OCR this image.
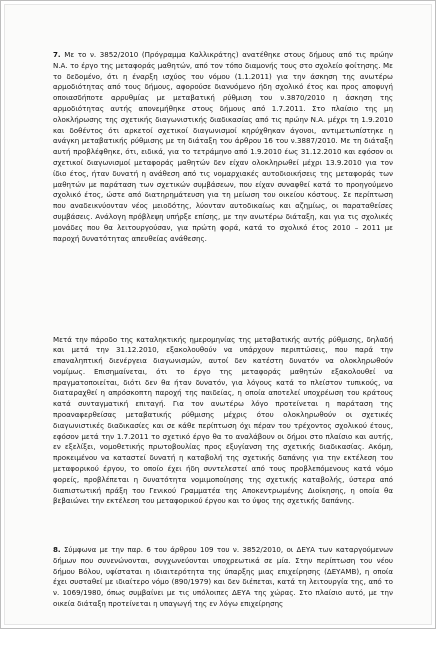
7. Με το ν. 3852/2010 (Πρόγραμμα Καλλικράτης) ανατέθηκε στους δήμους από τις πρώην Ν.Α. το έργο της μεταφοράς μαθητών, από τον τόπο διαμονής τους στο σχολείο φοίτησης. Με το δεδομένο, ότι η έναρξη ισχύος του νόμου (1.1.2011) για την άσκηση της ανωτέρω αρμοδιότητας από τους δήμους, αφορούσε διανυόμενο ήδη σχολικό έτος και προς αποφυγή οποιασδήποτε αρρυθμίας με μεταβατική ρύθμιση του ν.3870/2010 η άσκηση της αρμοδιότητας αυτής απονεμήθηκε στους δήμους από 1.7.2011. Στο πλαίσιο της μη ολοκλήρωσης της σχετικής διαγωνιστικής διαδικασίας από τις πρώην Ν.Α. μέχρι τη 1.9.2010 και δοθέντος ότι αρκετοί σχετικοί διαγωνισμοί κηρύχθηκαν άγονοι, αντιμετωπίστηκε η ανάγκη μεταβατικής ρύθμισης με τη διάταξη του άρθρου 16 του ν.3887/2010. Με τη διάταξη αυτή προβλέφθηκε, ότι, ειδικά, για το τετράμηνο από 1.9.2010 έως 31.12.2010 και εφόσον οι σχετικοί διαγωνισμοί μεταφοράς μαθητών δεν είχαν ολοκληρωθεί μέχρι 13.9.2010 για τον ίδιο έτος, ήταν δυνατή η ανάθεση από τις νομαρχιακές αυτοδιοικήσεις της μεταφοράς των μαθητών με παράταση των σχετικών συμβάσεων, που είχαν συναφθεί κατά το προηγούμενο σχολικό έτος, ώστε από διατηρημάτευση για τη μείωση του οικείου κόστους. Σε περίπτωση που αναδεικνύονταν νέος μειοδότης, λύονταν αυτοδικαίως και αζημίως, οι παραταθείσες συμβάσεις. Ανάλογη πρόβλεψη υπήρξε επίσης, με την ανωτέρω διάταξη, και για τις σχολικές μονάδες που θα λειτουργούσαν, για πρώτη φορά, κατά το σχολικό έτος 2010 – 2011 με παροχή δυνατότητας απευθείας ανάθεσης.

Μετά την πάροδο της καταληκτικής ημερομηνίας της μεταβατικής αυτής ρύθμισης, δηλαδή και μετά την 31.12.2010, εξακολουθούν να υπάρχουν περιπτώσεις, που παρά την επαναληπτική διενέργεια διαγωνισμών, αυτοί δεν κατέστη δυνατόν να ολοκληρωθούν νομίμως. Επισημαίνεται, ότι το έργο της μεταφοράς μαθητών εξακολουθεί να πραγματοποιείται, διότι δεν θα ήταν δυνατόν, για λόγους κατά το πλείστον τυπικούς, να διαταραχθεί η απρόσκοπτη παροχή της παιδείας, η οποία αποτελεί υποχρέωση του κράτους κατά συνταγματική επιταγή. Για τον ανωτέρω λόγο προτείνεται η παράταση της προαναφερθείσας μεταβατικής ρύθμισης μέχρις ότου ολοκληρωθούν οι σχετικές διαγωνιστικές διαδικασίες και σε κάθε περίπτωση όχι πέραν του τρέχοντος σχολικού έτους, εφόσον μετά την 1.7.2011 το σχετικό έργο θα το αναλάβουν οι δήμοι στο πλαίσιο και αυτής, εν εξελίξει, νομοθετικής πρωτοβουλίας προς εξυγίανση της σχετικής διαδικασίας. Ακόμη, προκειμένου να καταστεί δυνατή η καταβολή της σχετικής δαπάνης για την εκτέλεση του μεταφορικού έργου, το οποίο έχει ήδη συντελεστεί από τους προβλεπόμενους κατά νόμο φορείς, προβλέπεται η δυνατότητα νομιμοποίησης της σχετικής καταβολής, ύστερα από διαπιστωτική πράξη του Γενικού Γραμματέα της Αποκεντρωμένης Διοίκησης, η οποία θα βεβαιώνει την εκτέλεση του μεταφορικού έργου και το ύψος της σχετικής δαπάνης.

8. Σύμφωνα με την παρ. 6 του άρθρου 109 του ν. 3852/2010, οι ΔΕΥΑ των καταργούμενων δήμων που συνενώνονται, συγχωνεύονται υποχρεωτικά σε μία. Στην περίπτωση του νέου δήμου Βόλου, υφίσταται η ιδιαιτερότητα της ύπαρξης μιας επιχείρησης (ΔΕΥΑΜΒ), η οποία έχει συσταθεί με ιδιαίτερο νόμο (890/1979) και δεν διέπεται, κατά τη λειτουργία της, από το ν. 1069/1980, όπως συμβαίνει με τις υπόλοιπες ΔΕΥΑ της χώρας. Στο πλαίσιο αυτό, με την οικεία διάταξη προτείνεται η υπαγωγή της εν λόγω επιχείρησης
